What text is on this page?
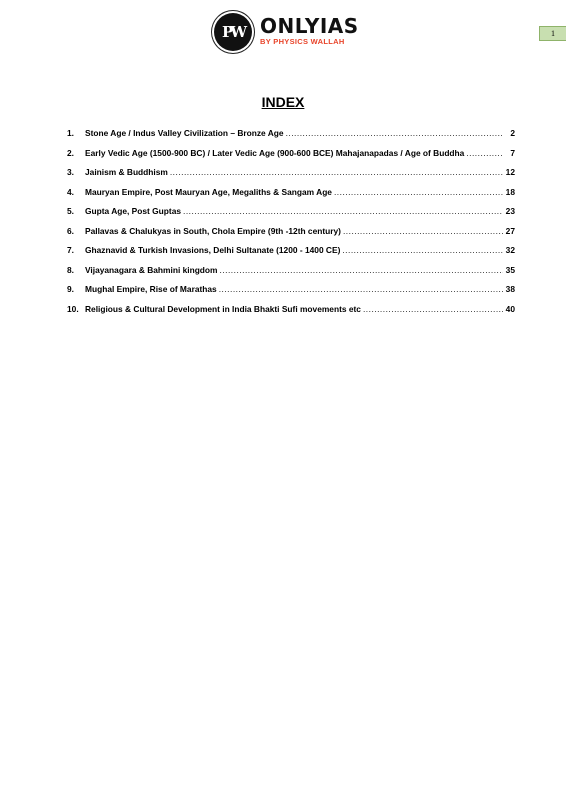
PW ONLYIAS
BY PHYSICS WALLAH
1
INDEX
1.	Stone Age / Indus Valley Civilization – Bronze Age .....	2
2.	Early Vedic Age (1500-900 BC) / Later Vedic Age (900-600 BCE) Mahajanapadas / Age of Buddha .....	7
3.	Jainism & Buddhism .....	12
4.	Mauryan Empire, Post Mauryan Age, Megaliths & Sangam Age .....	18
5.	Gupta Age, Post Guptas .....	23
6.	Pallavas & Chalukyas in South, Chola Empire (9th -12th century) .....	27
7.	Ghaznavid & Turkish Invasions, Delhi Sultanate (1200 - 1400 CE) .....	32
8.	Vijayanagara & Bahmini kingdom .....	35
9.	Mughal Empire, Rise of Marathas .....	38
10. Religious & Cultural Development in India Bhakti Sufi movements etc .....	40
